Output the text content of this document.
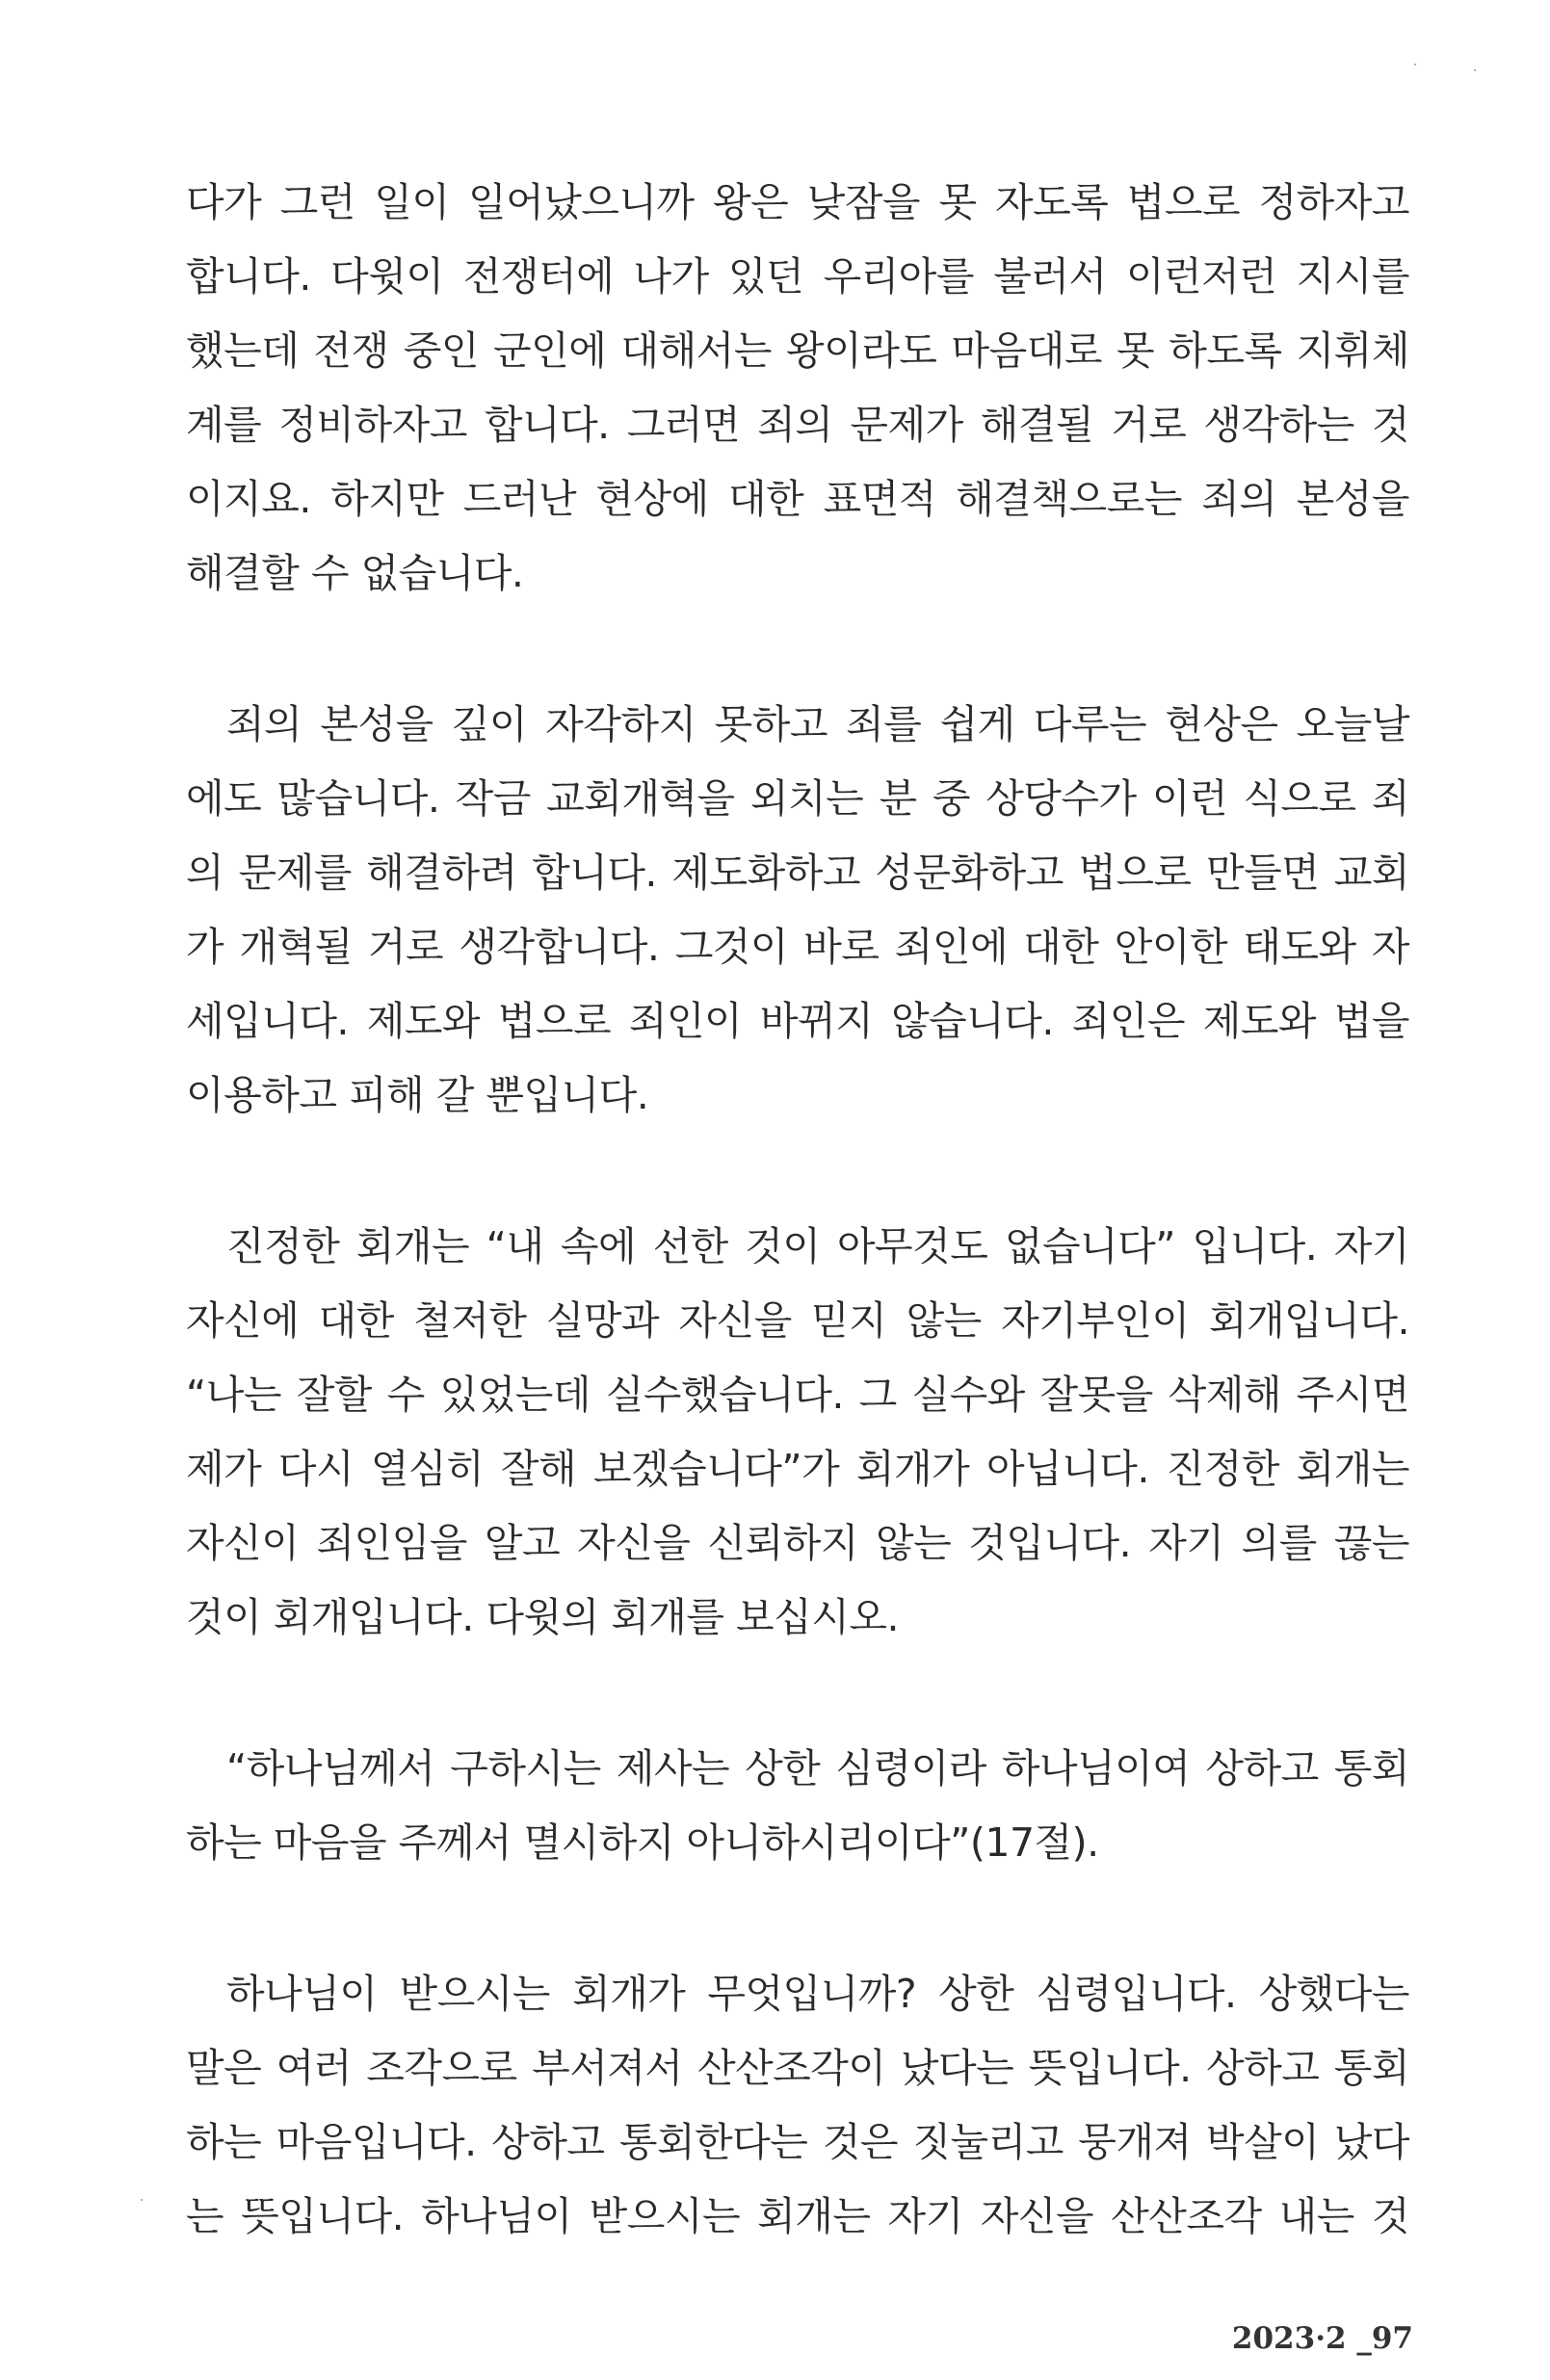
다가 그런 일이 일어났으니까 왕은 낮잠을 못 자도록 법으로 정하자고
합니다. 다윗이 전쟁터에 나가 있던 우리아를 불러서 이런저런 지시를
했는데 전쟁 중인 군인에 대해서는 왕이라도 마음대로 못 하도록 지휘체
계를 정비하자고 합니다. 그러면 죄의 문제가 해결될 거로 생각하는 것
이지요. 하지만 드러난 현상에 대한 표면적 해결책으로는 죄의 본성을
해결할 수 없습니다.
죄의 본성을 깊이 자각하지 못하고 죄를 쉽게 다루는 현상은 오늘날
에도 많습니다. 작금 교회개혁을 외치는 분 중 상당수가 이런 식으로 죄
의 문제를 해결하려 합니다. 제도화하고 성문화하고 법으로 만들면 교회
가 개혁될 거로 생각합니다. 그것이 바로 죄인에 대한 안이한 태도와 자
세입니다. 제도와 법으로 죄인이 바뀌지 않습니다. 죄인은 제도와 법을
이용하고 피해 갈 뿐입니다.
진정한 회개는 “내 속에 선한 것이 아무것도 없습니다” 입니다. 자기
자신에 대한 철저한 실망과 자신을 믿지 않는 자기부인이 회개입니다.
“나는 잘할 수 있었는데 실수했습니다. 그 실수와 잘못을 삭제해 주시면
제가 다시 열심히 잘해 보겠습니다”가 회개가 아닙니다. 진정한 회개는
자신이 죄인임을 알고 자신을 신뢰하지 않는 것입니다. 자기 의를 끊는
것이 회개입니다. 다윗의 회개를 보십시오.
“하나님께서 구하시는 제사는 상한 심령이라 하나님이여 상하고 통회
하는 마음을 주께서 멸시하지 아니하시리이다”(17절).
하나님이 받으시는 회개가 무엇입니까? 상한 심령입니다. 상했다는
말은 여러 조각으로 부서져서 산산조각이 났다는 뜻입니다. 상하고 통회
하는 마음입니다. 상하고 통회한다는 것은 짓눌리고 뭉개져 박살이 났다
는 뜻입니다. 하나님이 받으시는 회개는 자기 자신을 산산조각 내는 것
2023·2 _97
